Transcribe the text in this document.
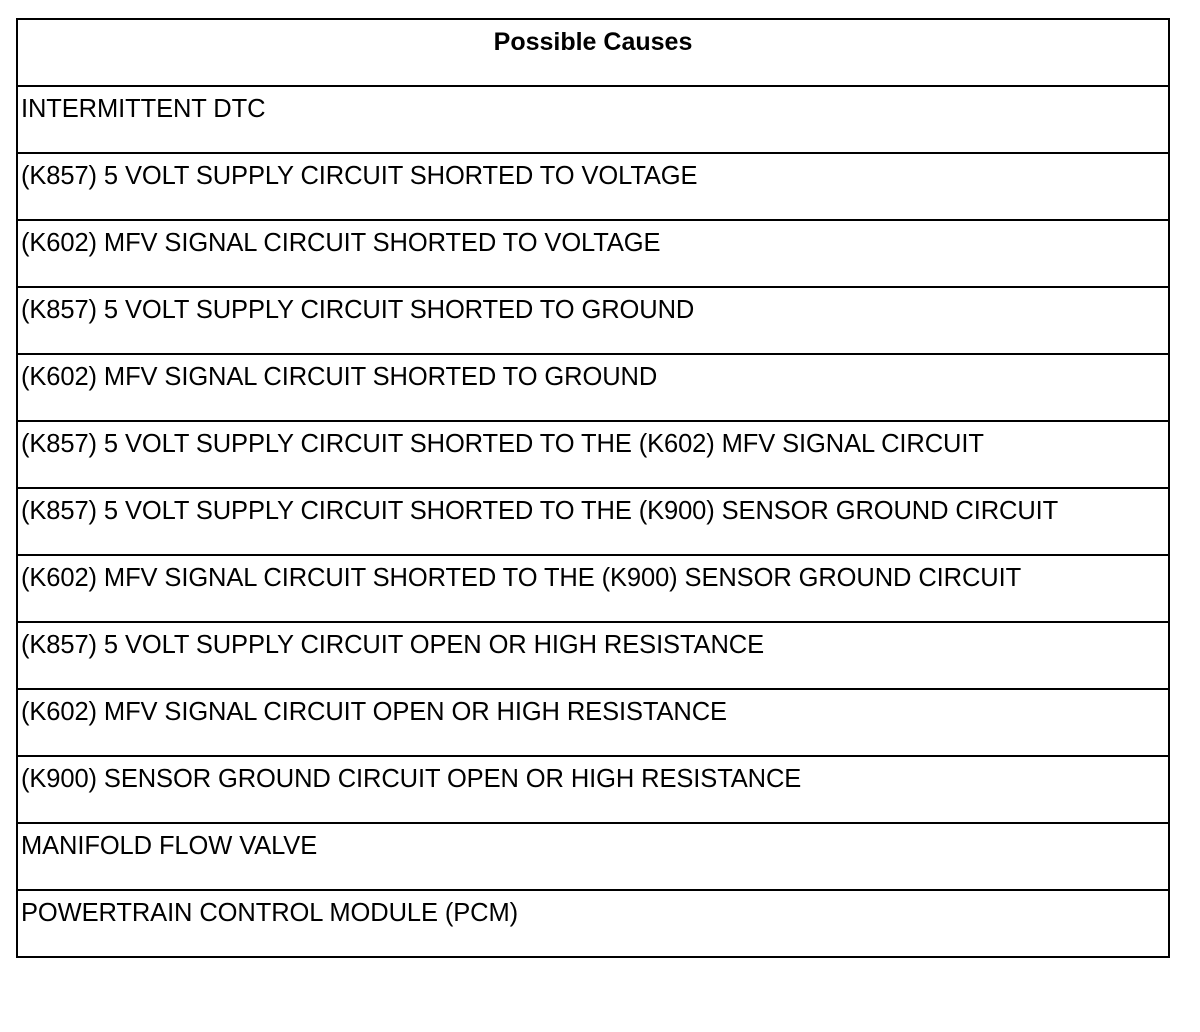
Possible Causes

INTERMITTENT DTC

(K857) 5 VOLT SUPPLY CIRCUIT SHORTED TO VOLTAGE

(K602) MFV SIGNAL CIRCUIT SHORTED TO VOLTAGE

(K857) 5 VOLT SUPPLY CIRCUIT SHORTED TO GROUND

(K602) MFV SIGNAL CIRCUIT SHORTED TO GROUND

(K857) 5 VOLT SUPPLY CIRCUIT SHORTED TO THE (K602) MFV SIGNAL CIRCUIT

(K857) 5 VOLT SUPPLY CIRCUIT SHORTED TO THE (K900) SENSOR GROUND CIRCUIT

(K602) MFV SIGNAL CIRCUIT SHORTED TO THE (K900) SENSOR GROUND CIRCUIT

(K857) 5 VOLT SUPPLY CIRCUIT OPEN OR HIGH RESISTANCE

(K602) MFV SIGNAL CIRCUIT OPEN OR HIGH RESISTANCE

(K900) SENSOR GROUND CIRCUIT OPEN OR HIGH RESISTANCE

MANIFOLD FLOW VALVE

POWERTRAIN CONTROL MODULE (PCM)
